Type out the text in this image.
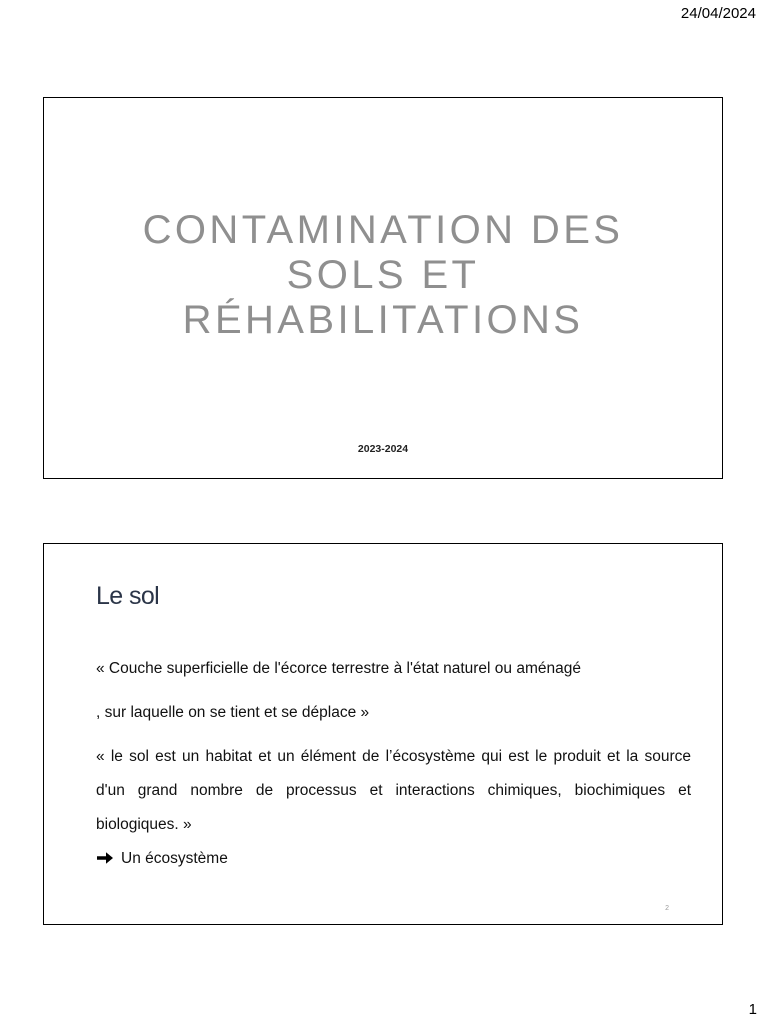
24/04/2024
CONTAMINATION DES
SOLS ET
RÉHABILITATIONS
2023-2024
Le sol

« Couche superficielle de l'écorce terrestre à l'état naturel ou aménagé

, sur laquelle on se tient et se déplace »

« le sol est un habitat et un élément de l’écosystème qui est le produit et la source d'un grand nombre de processus et interactions chimiques, biochimiques et biologiques. »

Un écosystème

2
1
